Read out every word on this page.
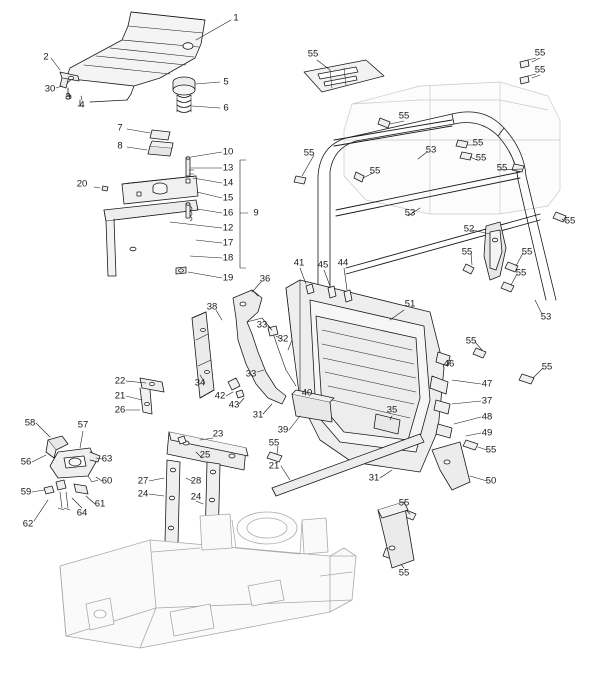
1
2
30
3
4
5
6
7
8
10
13
14
20
15
16 9
12
17
18
19
22
21
26
34
38
36
33
32
33
40
42
43
31
41 45 44
51
46
47
37
48
35
39	49
55
55
21
31	50
55
55
23
25
28
27
24	24
58	57
56	63
60
59
61
64
62
55	55
55
55
55
55
53
55
55
55
52
53
55
55
55
55
53
55
55
